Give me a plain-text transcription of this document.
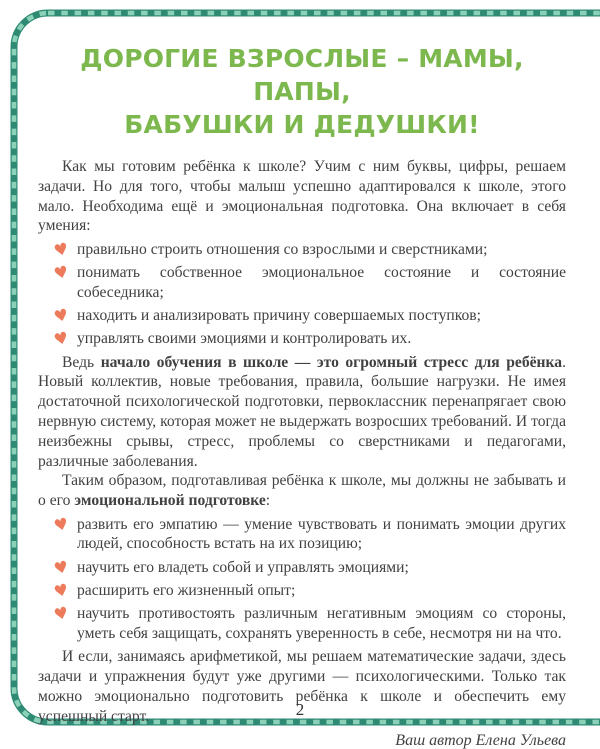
ДОРОГИЕ ВЗРОСЛЫЕ – МАМЫ, ПАПЫ,
БАБУШКИ И ДЕДУШКИ!

Как мы готовим ребёнка к школе? Учим с ним буквы, цифры, решаем задачи. Но для того, чтобы малыш успешно адаптировался к школе, этого мало. Необходима ещё и эмоциональная подготовка. Она включает в себя умения:

♥ правильно строить отношения со взрослыми и сверстниками;
♥ понимать собственное эмоциональное состояние и состояние собеседника;
♥ находить и анализировать причину совершаемых поступков;
♥ управлять своими эмоциями и контролировать их.

Ведь начало обучения в школе — это огромный стресс для ребёнка. Новый коллектив, новые требования, правила, большие нагрузки. Не имея достаточной психологической подготовки, первоклассник перенапрягает свою нервную систему, которая может не выдержать возросших требований. И тогда неизбежны срывы, стресс, проблемы со сверстниками и педагогами, различные заболевания.

Таким образом, подготавливая ребёнка к школе, мы должны не забывать и о его эмоциональной подготовке:

♥ развить его эмпатию — умение чувствовать и понимать эмоции других людей, способность встать на их позицию;
♥ научить его владеть собой и управлять эмоциями;
♥ расширить его жизненный опыт;
♥ научить противостоять различным негативным эмоциям со стороны, уметь себя защищать, сохранять уверенность в себе, несмотря ни на что.

И если, занимаясь арифметикой, мы решаем математические задачи, здесь задачи и упражнения будут уже другими — психологическими. Только так можно эмоционально подготовить ребёнка к школе и обеспечить ему успешный старт.

Ваш автор Елена Ульева

2
